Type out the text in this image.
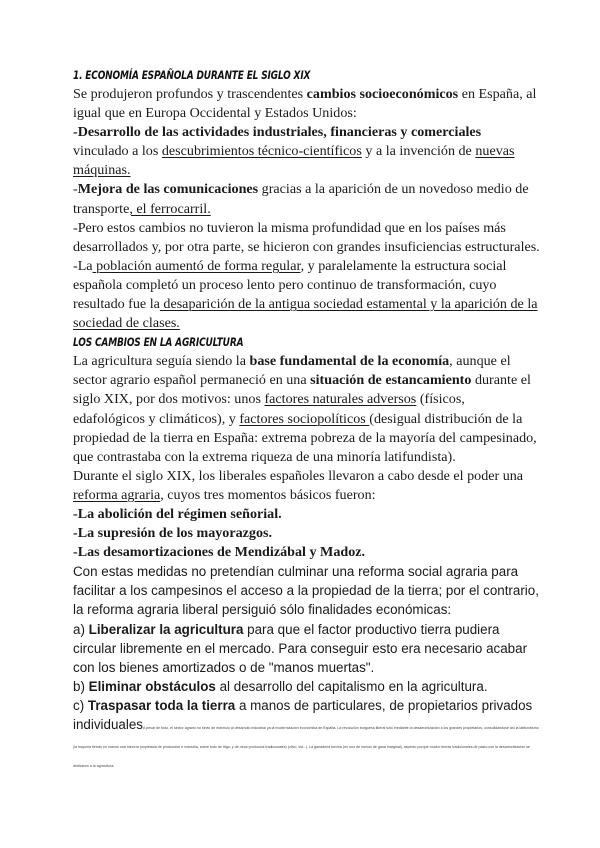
1. ECONOMÍA ESPAÑOLA DURANTE EL SIGLO XIX

Se produjeron profundos y trascendentes cambios socioeconómicos en España, al igual que en Europa Occidental y Estados Unidos:

-Desarrollo de las actividades industriales, financieras y comerciales vinculado a los descubrimientos técnico-científicos y a la invención de nuevas máquinas.

-Mejora de las comunicaciones gracias a la aparición de un novedoso medio de transporte, el ferrocarril.

-Pero estos cambios no tuvieron la misma profundidad que en los países más desarrollados y, por otra parte, se hicieron con grandes insuficiencias estructurales.

-La población aumentó de forma regular, y paralelamente la estructura social española completó un proceso lento pero continuo de transformación, cuyo resultado fue la desaparición de la antigua sociedad estamental y la aparición de la sociedad de clases.

LOS CAMBIOS EN LA AGRICULTURA

La agricultura seguía siendo la base fundamental de la economía, aunque el sector agrario español permaneció en una situación de estancamiento durante el siglo XIX, por dos motivos: unos factores naturales adversos (físicos, edafológicos y climáticos), y factores sociopolíticos (desigual distribución de la propiedad de la tierra en España: extrema pobreza de la mayoría del campesinado, que contrastaba con la extrema riqueza de una minoría latifundista).

Durante el siglo XIX, los liberales españoles llevaron a cabo desde el poder una reforma agraria, cuyos tres momentos básicos fueron:

-La abolición del régimen señorial.

-La supresión de los mayorazgos.

-Las desamortizaciones de Mendizábal y Madoz.

Con estas medidas no pretendían culminar una reforma social agraria para facilitar a los campesinos el acceso a la propiedad de la tierra; por el contrario, la reforma agraria liberal persiguió sólo finalidades económicas:

a) Liberalizar la agricultura para que el factor productivo tierra pudiera circular libremente en el mercado. Para conseguir esto era necesario acabar con los bienes amortizados o de "manos muertas".

b) Eliminar obstáculos al desarrollo del capitalismo en la agricultura.

c) Traspasar toda la tierra a manos de particulares, de propietarios privados individualesA pesar de todo, el sector agrario no sirvió de estímulo al desarrollo industrial ya la modernización económica de España. La revolución burguesa liberal sólo mediante la desamortización a los grandes propietarios, consolidándose así la latifundismo (la mayoría tierras en manos una minoría propietaria de producción e industria, sobre todo de trigo, y de otros productos tradicionales) (olivo, vid...). La ganadería bovina (en uno de menos de gana marginal), aspecto porque mucho tierras tradicionales de pasto con la desamortización se dedicaron a la agricultura.
